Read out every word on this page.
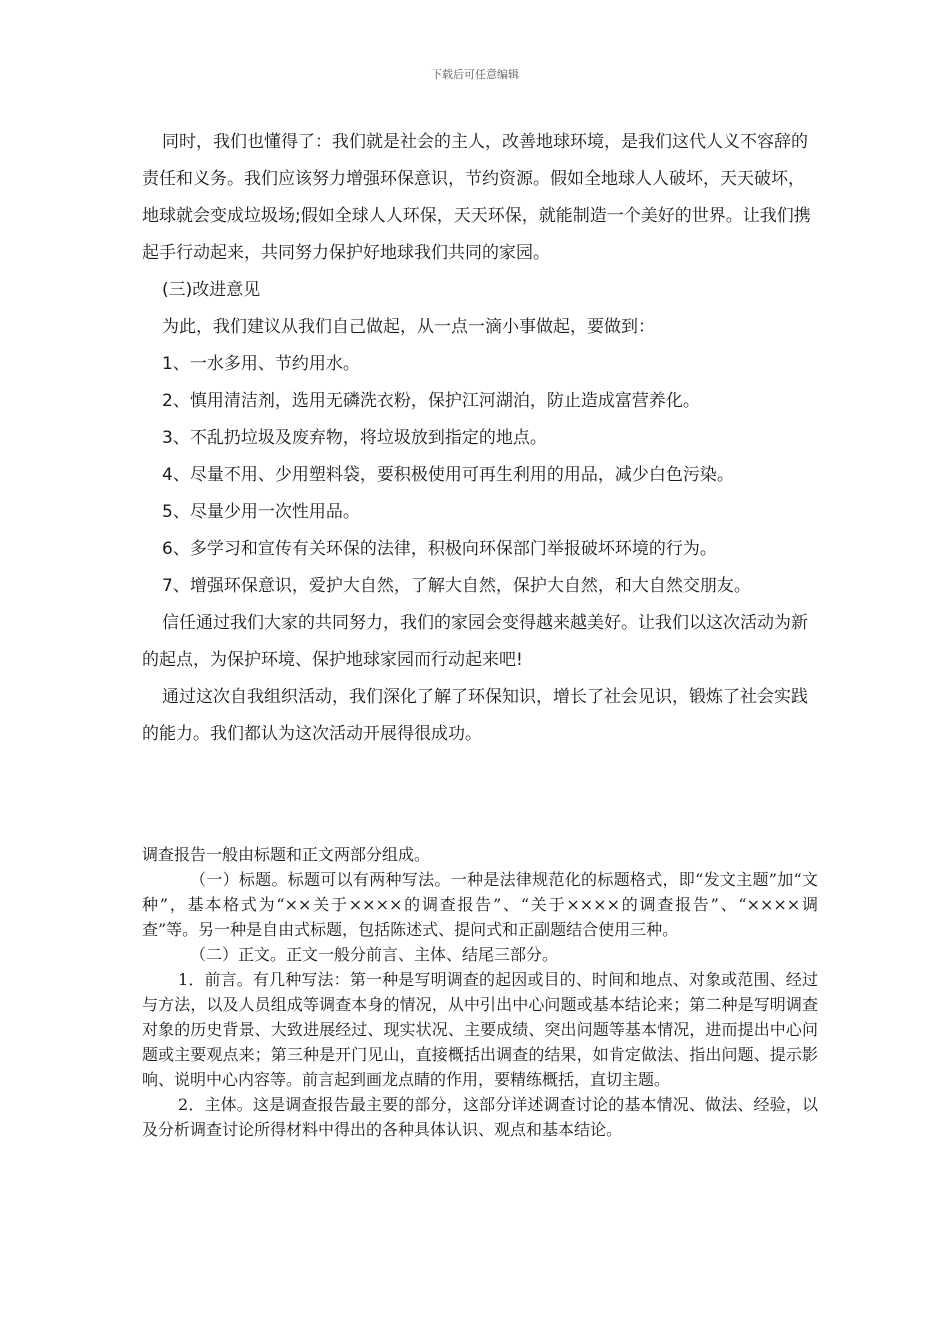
下载后可任意编辑

同时，我们也懂得了：我们就是社会的主人，改善地球环境，是我们这代人义不容辞的责任和义务。我们应该努力增强环保意识，节约资源。假如全地球人人破坏，天天破坏，地球就会变成垃圾场;假如全球人人环保，天天环保，就能制造一个美好的世界。让我们携起手行动起来，共同努力保护好地球我们共同的家园。

(三)改进意见

为此，我们建议从我们自己做起，从一点一滴小事做起，要做到：

1、一水多用、节约用水。

2、慎用清洁剂，选用无磷洗衣粉，保护江河湖泊，防止造成富营养化。

3、不乱扔垃圾及废弃物，将垃圾放到指定的地点。

4、尽量不用、少用塑料袋，要积极使用可再生利用的用品，减少白色污染。

5、尽量少用一次性用品。

6、多学习和宣传有关环保的法律，积极向环保部门举报破坏环境的行为。

7、增强环保意识，爱护大自然，了解大自然，保护大自然，和大自然交朋友。

信任通过我们大家的共同努力，我们的家园会变得越来越美好。让我们以这次活动为新的起点，为保护环境、保护地球家园而行动起来吧!

通过这次自我组织活动，我们深化了解了环保知识，增长了社会见识，锻炼了社会实践的能力。我们都认为这次活动开展得很成功。

调查报告一般由标题和正文两部分组成。

（一）标题。标题可以有两种写法。一种是法律规范化的标题格式，即“发文主题”加“文种”，基本格式为“××关于××××的调查报告”、“关于××××的调查报告”、“××××调查”等。另一种是自由式标题，包括陈述式、提问式和正副题结合使用三种。

（二）正文。正文一般分前言、主体、结尾三部分。

1．前言。有几种写法：第一种是写明调查的起因或目的、时间和地点、对象或范围、经过与方法，以及人员组成等调查本身的情况，从中引出中心问题或基本结论来；第二种是写明调查对象的历史背景、大致进展经过、现实状况、主要成绩、突出问题等基本情况，进而提出中心问题或主要观点来；第三种是开门见山，直接概括出调查的结果，如肯定做法、指出问题、提示影响、说明中心内容等。前言起到画龙点睛的作用，要精练概括，直切主题。

2．主体。这是调查报告最主要的部分，这部分详述调查讨论的基本情况、做法、经验，以及分析调查讨论所得材料中得出的各种具体认识、观点和基本结论。
